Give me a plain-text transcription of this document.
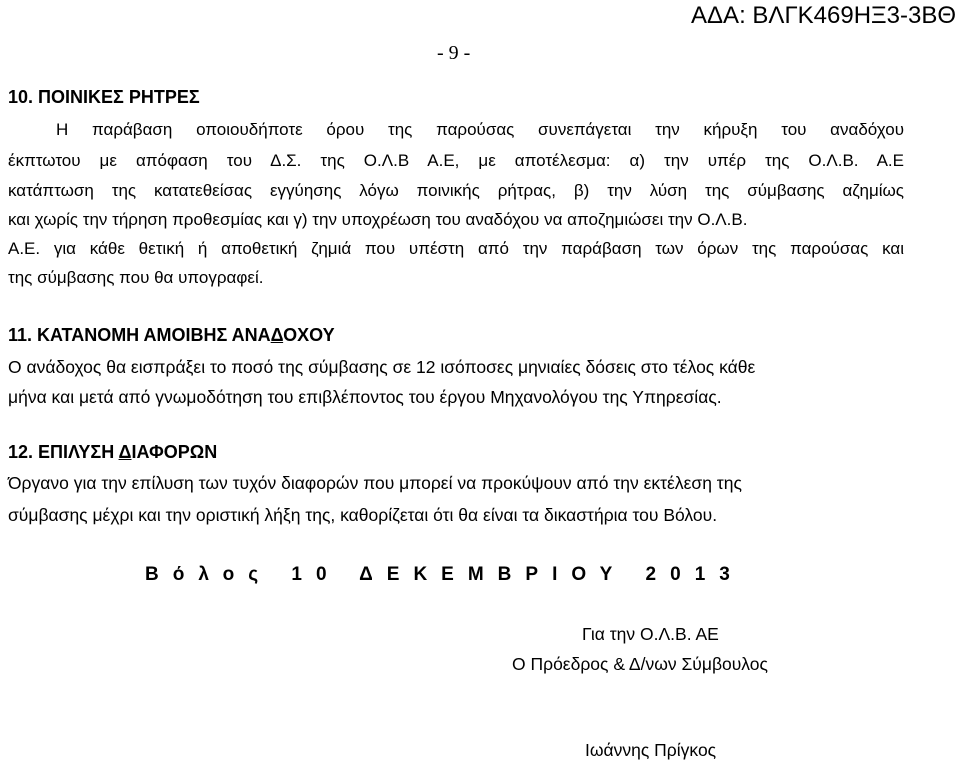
ΑΔΑ: ΒΛΓΚ469ΗΞ3-3ΒΘ
- 9 -
10. ΠΟΙΝΙΚΕΣ ΡΗΤΡΕΣ
Η παράβαση οποιουδήποτε όρου της παρούσας συνεπάγεται την κήρυξη του αναδόχου
έκπτωτου με απόφαση του Δ.Σ. της Ο.Λ.Β Α.Ε, με αποτέλεσμα: α) την υπέρ της Ο.Λ.Β. Α.Ε
κατάπτωση της κατατεθείσας εγγύησης λόγω ποινικής ρήτρας, β) την λύση της σύμβασης αζημίως
και χωρίς την τήρηση προθεσμίας και γ) την υποχρέωση του αναδόχου να αποζημιώσει την Ο.Λ.Β.
Α.Ε. για κάθε θετική ή αποθετική ζημιά που υπέστη από την παράβαση των όρων της παρούσας και
της σύμβασης που θα υπογραφεί.
11. ΚΑΤΑΝΟΜΗ ΑΜΟΙΒΗΣ ΑΝΑΔΟΧΟΥ
Ο ανάδοχος θα εισπράξει το ποσό της σύμβασης σε 12 ισόποσες μηνιαίες δόσεις στο τέλος κάθε
μήνα και μετά από γνωμοδότηση του επιβλέποντος του έργου Μηχανολόγου της Υπηρεσίας.
12. ΕΠΙΛΥΣΗ ΔΙΑΦΟΡΩΝ
Όργανο για την επίλυση των τυχόν διαφορών που μπορεί να προκύψουν από την εκτέλεση της
σύμβασης μέχρι και την οριστική λήξη της, καθορίζεται ότι θα είναι τα δικαστήρια του Βόλου.
Βόλος 10 ΔΕΚΕΜΒΡΙΟΥ 2013
Για την Ο.Λ.Β. ΑΕ
Ο Πρόεδρος & Δ/νων Σύμβουλος
Ιωάννης Πρίγκος
